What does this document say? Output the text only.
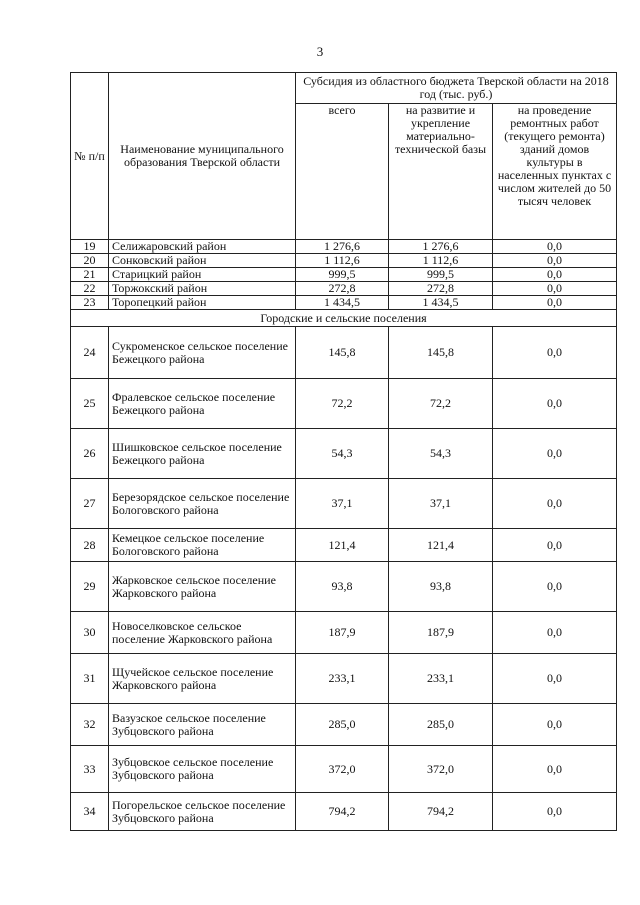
3
№ п/п	Наименование муниципального образования Тверской области	Субсидия из областного бюджета Тверской области на 2018 год (тыс. руб.)		
		всего	на развитие и укрепление материально-технической базы	на проведение ремонтных работ (текущего ремонта) зданий домов культуры в населенных пунктах с числом жителей до 50 тысяч человек
19	Селижаровский район	1 276,6	1 276,6	0,0
20	Сонковский район	1 112,6	1 112,6	0,0
21	Старицкий район	999,5	999,5	0,0
22	Торжокский район	272,8	272,8	0,0
23	Торопецкий район	1 434,5	1 434,5	0,0
Городские и сельские поселения				
24	Сукроменское сельское поселение Бежецкого района	145,8	145,8	0,0
25	Фралевское сельское поселение Бежецкого района	72,2	72,2	0,0
26	Шишковское сельское поселение Бежецкого района	54,3	54,3	0,0
27	Березорядское сельское поселение Бологовского района	37,1	37,1	0,0
28	Кемецкое сельское поселение Бологовского района	121,4	121,4	0,0
29	Жарковское сельское поселение Жарковского района	93,8	93,8	0,0
30	Новоселковское сельское поселение Жарковского района	187,9	187,9	0,0
31	Щучейское сельское поселение Жарковского района	233,1	233,1	0,0
32	Вазузское сельское поселение Зубцовского района	285,0	285,0	0,0
33	Зубцовское сельское поселение Зубцовского района	372,0	372,0	0,0
34	Погорельское сельское поселение Зубцовского района	794,2	794,2	0,0
